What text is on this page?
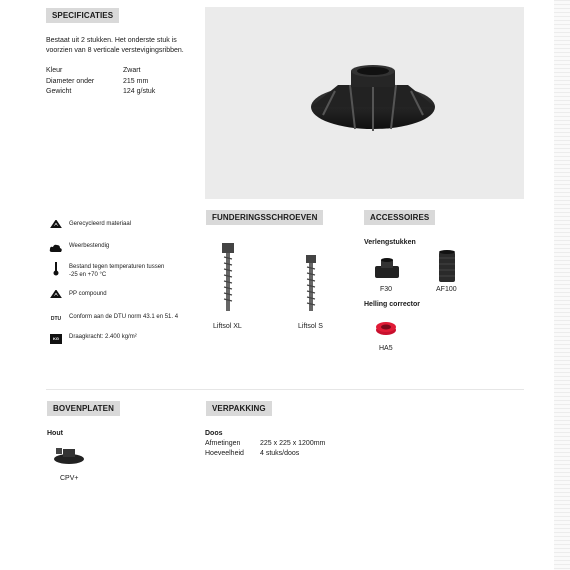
SPECIFICATIES
Bestaat uit 2 stukken. Het onderste stuk is
voorzien van 8 verticale verstevigingsribben.
Kleur	Zwart
Diameter onder	215 mm
Gewicht	124 g/stuk
Gerecycleerd materiaal
Weerbestendig
Bestand tegen temperaturen tussen
-25 en +70 °C
PP compound
DTU	Conform aan de DTU norm 43.1 en 51. 4
KG	Draagkracht: 2.400 kg/m²
FUNDERINGSSCHROEVEN
Liftsol XL	Liftsol S
ACCESSOIRES
Verlengstukken
F30	AF100
Helling corrector
HA5
BOVENPLATEN
Hout
CPV+
VERPAKKING
Doos
Afmetingen	225 x 225 x 1200mm
Hoeveelheid 4 stuks/doos
